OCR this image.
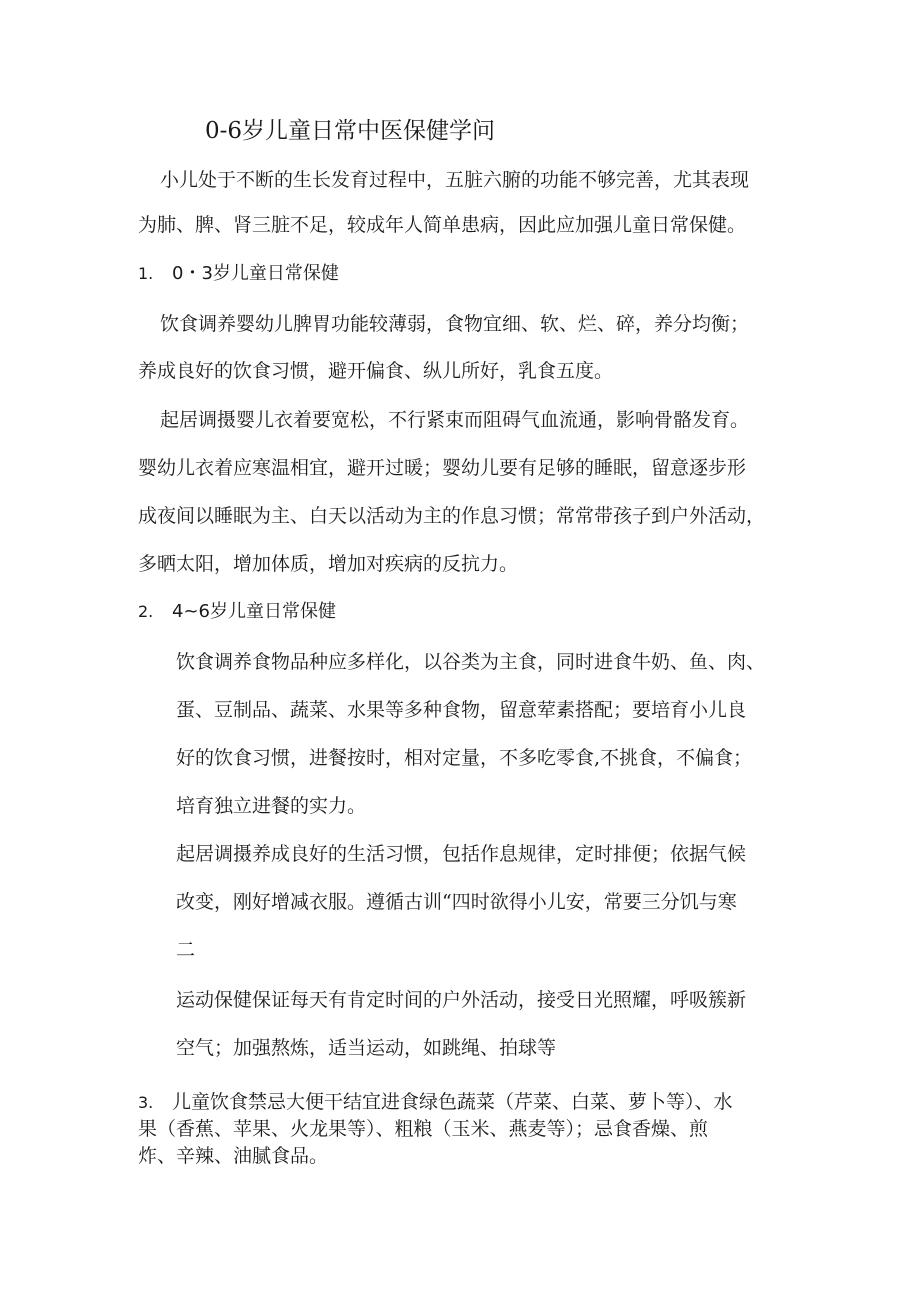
0-6岁儿童日常中医保健学问
小儿处于不断的生长发育过程中，五脏六腑的功能不够完善，尤其表现
为肺、脾、肾三脏不足，较成年人简单患病，因此应加强儿童日常保健。
1. 0・3岁儿童日常保健
饮食调养婴幼儿脾胃功能较薄弱，食物宜细、软、烂、碎，养分均衡；
养成良好的饮食习惯，避开偏食、纵儿所好，乳食五度。
起居调摄婴儿衣着要宽松，不行紧束而阻碍气血流通，影响骨骼发育。
婴幼儿衣着应寒温相宜，避开过暖；婴幼儿要有足够的睡眠，留意逐步形
成夜间以睡眠为主、白天以活动为主的作息习惯；常常带孩子到户外活动，
多晒太阳，增加体质，增加对疾病的反抗力。
2. 4~6岁儿童日常保健
饮食调养食物品种应多样化，以谷类为主食，同时进食牛奶、鱼、肉、
蛋、豆制品、蔬菜、水果等多种食物，留意荤素搭配；要培育小儿良
好的饮食习惯，进餐按时，相对定量，不多吃零食,不挑食，不偏食；
培育独立进餐的实力。
起居调摄养成良好的生活习惯，包括作息规律，定时排便；依据气候
改变，刚好增减衣服。遵循古训“四时欲得小儿安，常要三分饥与寒
二
运动保健保证每天有肯定时间的户外活动，接受日光照耀，呼吸簇新
空气；加强熬炼，适当运动，如跳绳、拍球等
3. 儿童饮食禁忌大便干结宜进食绿色蔬菜（芹菜、白菜、萝卜等）、水
果（香蕉、苹果、火龙果等）、粗粮（玉米、燕麦等）；忌食香燥、煎
炸、辛辣、油腻食品。
